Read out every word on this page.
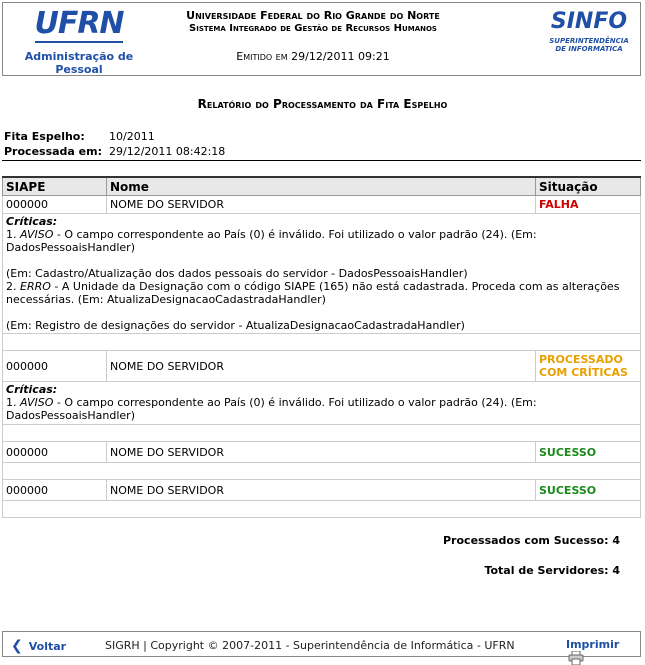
UFRN
Administração de Pessoal
Universidade Federal do Rio Grande do Norte
Sistema Integrado de Gestão de Recursos Humanos
Emitido em 29/12/2011 09:21
SINFO
SUPERINTENDÊNCIA DE INFORMÁTICA
Relatório do Processamento da Fita Espelho
Fita Espelho: 10/2011
Processada em: 29/12/2011 08:42:18
SIAPE	Nome	Situação
000000	NOME DO SERVIDOR	FALHA

Críticas:
1. AVISO - O campo correspondente ao País (0) é inválido. Foi utilizado o valor padrão (24). (Em: DadosPessoaisHandler)
(Em: Cadastro/Atualização dos dados pessoais do servidor - DadosPessoaisHandler)
2. ERRO - A Unidade da Designação com o código SIAPE (165) não está cadastrada. Proceda com as alterações necessárias. (Em: AtualizaDesignacaoCadastradaHandler)
(Em: Registro de designações do servidor - AtualizaDesignacaoCadastradaHandler)		

000000	NOME DO SERVIDOR	PROCESSADO COM CRÍTICAS

Críticas:
1. AVISO - O campo correspondente ao País (0) é inválido. Foi utilizado o valor padrão (24). (Em: DadosPessoaisHandler)		

000000	NOME DO SERVIDOR	SUCESSO

000000	NOME DO SERVIDOR	SUCESSO

Processados com Sucesso: 4
Total de Servidores: 4
❮ Voltar	SIGRH | Copyright © 2007-2011 - Superintendência de Informática - UFRN	Imprimir
